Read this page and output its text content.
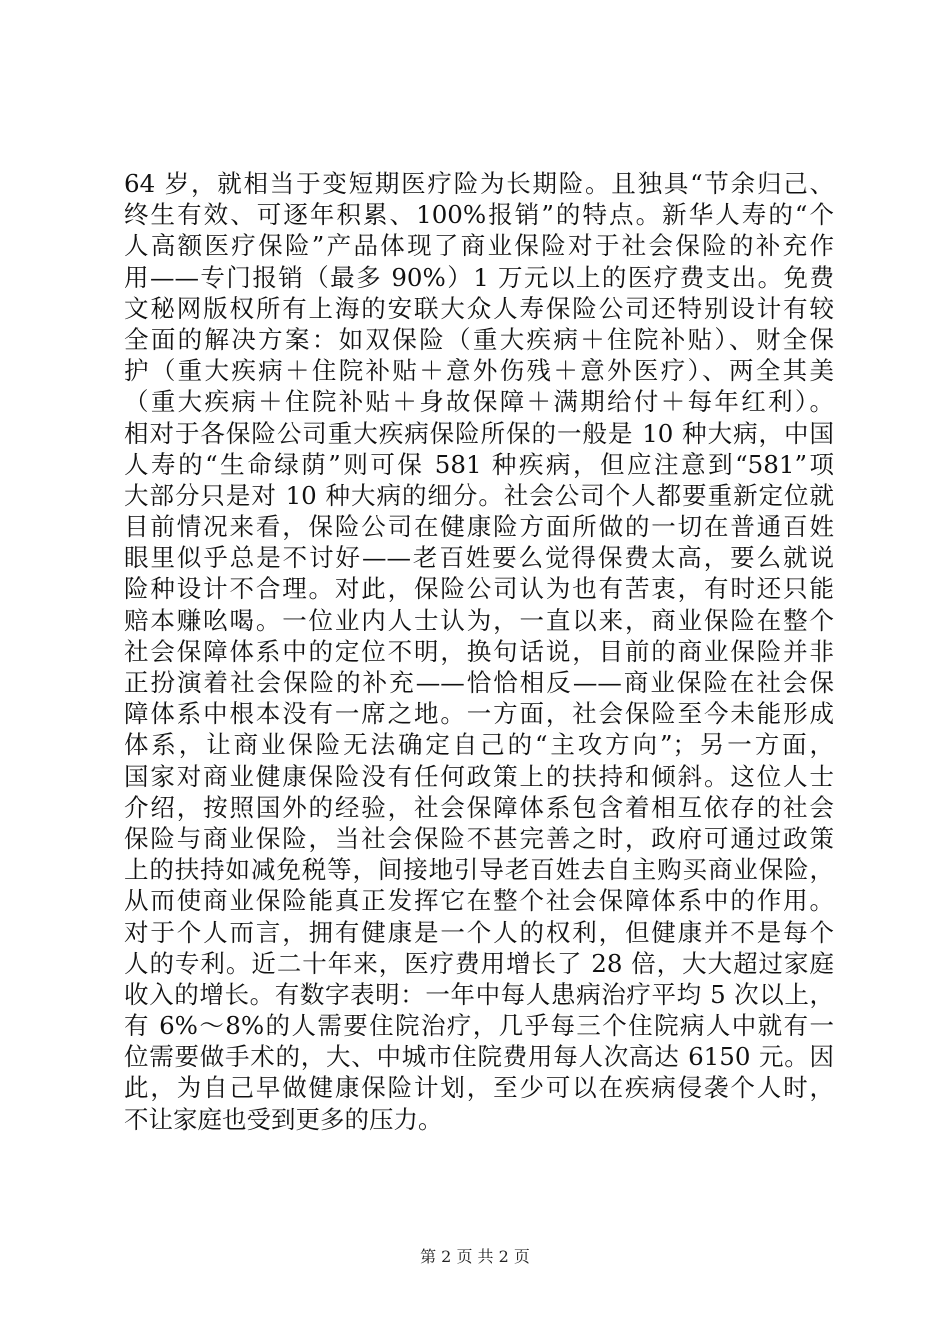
64 岁，就相当于变短期医疗险为长期险。且独具“节余归己、
终生有效、可逐年积累、100%报销”的特点。新华人寿的“个
人高额医疗保险”产品体现了商业保险对于社会保险的补充作
用——专门报销（最多 90%）1 万元以上的医疗费支出。免费
文秘网版权所有上海的安联大众人寿保险公司还特别设计有较
全面的解决方案：如双保险（重大疾病＋住院补贴）、财全保
护（重大疾病＋住院补贴＋意外伤残＋意外医疗）、两全其美
（重大疾病＋住院补贴＋身故保障＋满期给付＋每年红利）。
相对于各保险公司重大疾病保险所保的一般是 10 种大病，中国
人寿的“生命绿荫”则可保 581 种疾病，但应注意到“581”项
大部分只是对 10 种大病的细分。社会公司个人都要重新定位就
目前情况来看，保险公司在健康险方面所做的一切在普通百姓
眼里似乎总是不讨好——老百姓要么觉得保费太高，要么就说
险种设计不合理。对此，保险公司认为也有苦衷，有时还只能
赔本赚吆喝。一位业内人士认为，一直以来，商业保险在整个
社会保障体系中的定位不明，换句话说，目前的商业保险并非
正扮演着社会保险的补充——恰恰相反——商业保险在社会保
障体系中根本没有一席之地。一方面，社会保险至今未能形成
体系，让商业保险无法确定自己的“主攻方向”；另一方面，
国家对商业健康保险没有任何政策上的扶持和倾斜。这位人士
介绍，按照国外的经验，社会保障体系包含着相互依存的社会
保险与商业保险，当社会保险不甚完善之时，政府可通过政策
上的扶持如减免税等，间接地引导老百姓去自主购买商业保险，
从而使商业保险能真正发挥它在整个社会保障体系中的作用。
对于个人而言，拥有健康是一个人的权利，但健康并不是每个
人的专利。近二十年来，医疗费用增长了 28 倍，大大超过家庭
收入的增长。有数字表明：一年中每人患病治疗平均 5 次以上，
有 6%～8%的人需要住院治疗，几乎每三个住院病人中就有一
位需要做手术的，大、中城市住院费用每人次高达 6150 元。因
此，为自己早做健康保险计划，至少可以在疾病侵袭个人时，
不让家庭也受到更多的压力。
第 2 页 共 2 页
